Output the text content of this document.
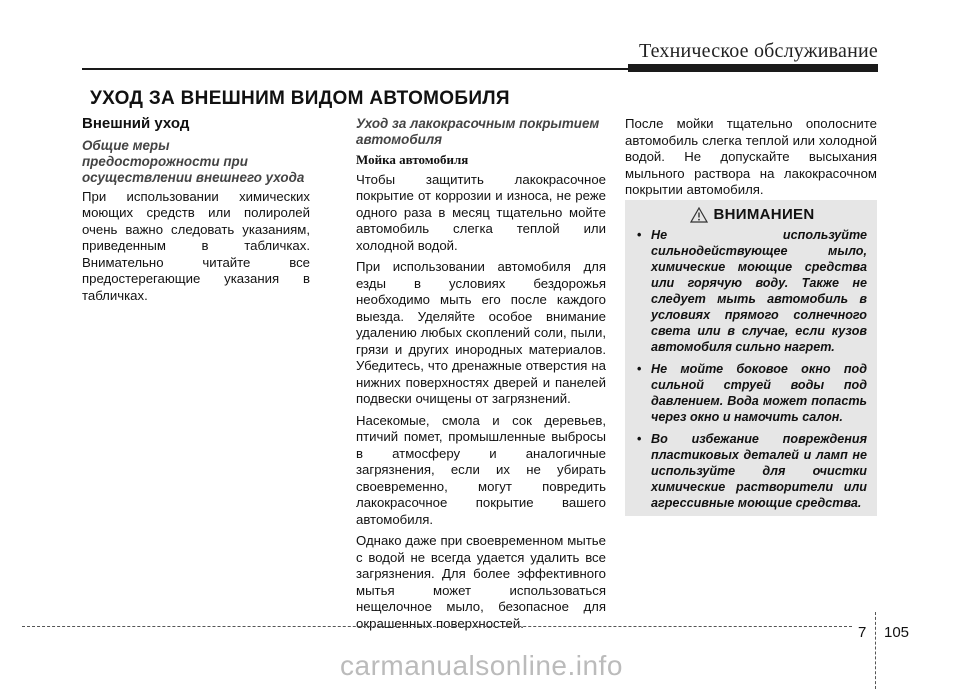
Техническое обслуживание
УХОД ЗА ВНЕШНИМ ВИДОМ АВТОМОБИЛЯ
Внешний уход
Общие меры предосторожности при осуществлении внешнего ухода

При использовании химических моющих средств или полиролей очень важно следовать указаниям, приведенным в табличках. Внимательно читайте все предостерегающие указания в табличках.

Уход за лакокрасочным покрытием автомобиля
Мойка автомобиля

Чтобы защитить лакокрасочное покрытие от коррозии и износа, не реже одного раза в месяц тщательно мойте автомобиль слегка теплой или холодной водой.

При использовании автомобиля для езды в условиях бездорожья необходимо мыть его после каждого выезда. Уделяйте особое внимание удалению любых скоплений соли, пыли, грязи и других инородных материалов. Убедитесь, что дренажные отверстия на нижних поверхностях дверей и панелей подвески очищены от загрязнений.

Насекомые, смола и сок деревьев, птичий помет, промышленные выбросы в атмосферу и аналогичные загрязнения, если их не убирать своевременно, могут повредить лакокрасочное покрытие вашего автомобиля.

Однако даже при своевременном мытье с водой не всегда удается удалить все загрязнения. Для более эффективного мытья может использоваться нещелочное мыло, безопасное для окрашенных поверхностей.

После мойки тщательно ополосните автомобиль слегка теплой или холодной водой. Не допускайте высыхания мыльного раствора на лакокрасочном покрытии автомобиля.

ВНИМАНИЕN
• Не используйте сильнодействующее мыло, химические моющие средства или горячую воду. Также не следует мыть автомобиль в условиях прямого солнечного света или в случае, если кузов автомобиля сильно нагрет.
• Не мойте боковое окно под сильной струей воды под давлением. Вода может попасть через окно и намочить салон.
• Во избежание повреждения пластиковых деталей и ламп не используйте для очистки химические растворители или агрессивные моющие средства.
7 105
carmanualsonline.info
